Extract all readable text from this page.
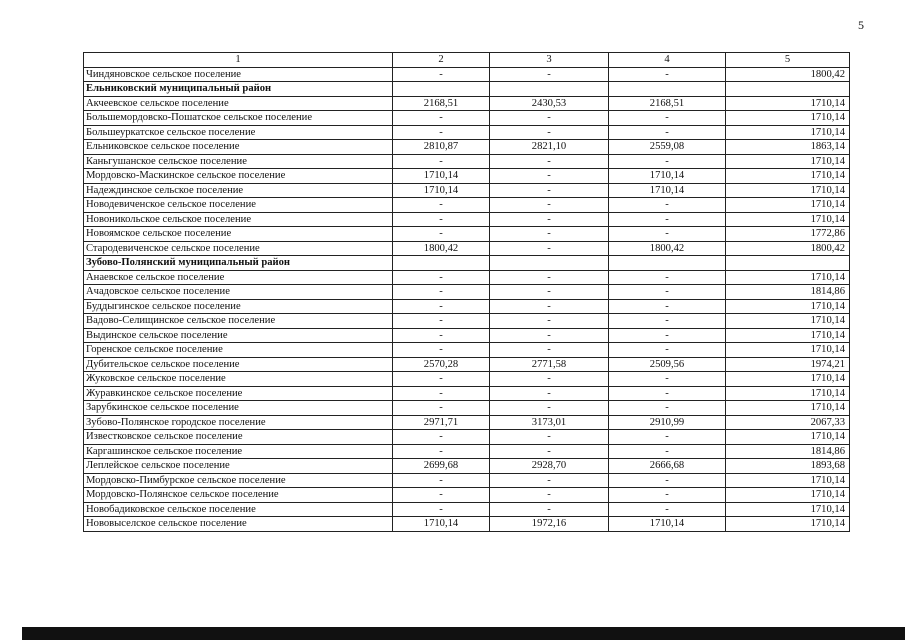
5
1	2	3	4	5
Чиндяновское сельское поселение	-	-	-	1800,42
Ельниковский муниципальный район				
Акчеевское сельское поселение	2168,51	2430,53	2168,51	1710,14
Большемордовско-Пошатское сельское поселение	-	-	-	1710,14
Большеуркатское сельское поселение	-	-	-	1710,14
Ельниковское сельское поселение	2810,87	2821,10	2559,08	1863,14
Каньгушанское сельское поселение	-	-	-	1710,14
Мордовско-Маскинское сельское поселение	1710,14	-	1710,14	1710,14
Надеждинское сельское поселение	1710,14	-	1710,14	1710,14
Новодевиченское сельское поселение	-	-	-	1710,14
Новоникольское сельское поселение	-	-	-	1710,14
Новоямское сельское поселение	-	-	-	1772,86
Стародевиченское сельское поселение	1800,42	-	1800,42	1800,42
Зубово-Полянский муниципальный район				
Анаевское сельское поселение	-	-	-	1710,14
Ачадовское сельское поселение	-	-	-	1814,86
Буддыгинское сельское поселение	-	-	-	1710,14
Вадово-Селищинское сельское поселение	-	-	-	1710,14
Выдинское сельское поселение	-	-	-	1710,14
Горенское сельское поселение	-	-	-	1710,14
Дубительское сельское поселение	2570,28	2771,58	2509,56	1974,21
Жуковское сельское поселение	-	-	-	1710,14
Журавкинское сельское поселение	-	-	-	1710,14
Зарубкинское сельское поселение	-	-	-	1710,14
Зубово-Полянское городское поселение	2971,71	3173,01	2910,99	2067,33
Известковское сельское поселение	-	-	-	1710,14
Каргашинское сельское поселение	-	-	-	1814,86
Леплейское сельское поселение	2699,68	2928,70	2666,68	1893,68
Мордовско-Пимбурское сельское поселение	-	-	-	1710,14
Мордовско-Полянское сельское поселение	-	-	-	1710,14
Новобадиковское сельское поселение	-	-	-	1710,14
Нововыселское сельское поселение	1710,14	1972,16	1710,14	1710,14
